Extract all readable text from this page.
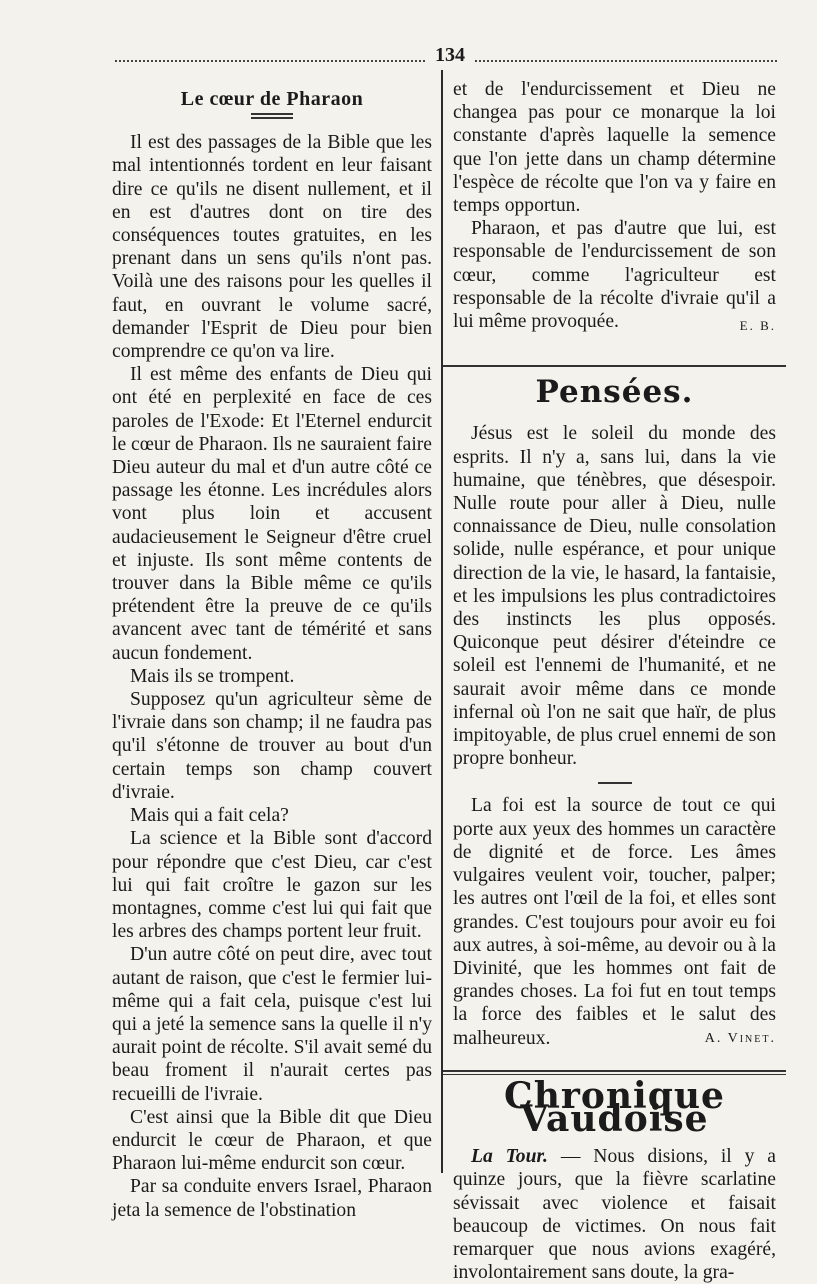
134
Le cœur de Pharaon

Il est des passages de la Bible que les mal intentionnés tordent en leur faisant dire ce qu'ils ne disent nullement, et il en est d'autres dont on tire des conséquences toutes gratuites, en les prenant dans un sens qu'ils n'ont pas. Voilà une des raisons pour les quelles il faut, en ouvrant le volume sacré, demander l'Esprit de Dieu pour bien comprendre ce qu'on va lire.

Il est même des enfants de Dieu qui ont été en perplexité en face de ces paroles de l'Exode: Et l'Eternel endurcit le cœur de Pharaon. Ils ne sauraient faire Dieu auteur du mal et d'un autre côté ce passage les étonne. Les incrédules alors vont plus loin et accusent audacieusement le Seigneur d'être cruel et injuste. Ils sont même contents de trouver dans la Bible même ce qu'ils prétendent être la preuve de ce qu'ils avancent avec tant de témérité et sans aucun fondement.

Mais ils se trompent.

Supposez qu'un agriculteur sème de l'ivraie dans son champ; il ne faudra pas qu'il s'étonne de trouver au bout d'un certain temps son champ couvert d'ivraie.

Mais qui a fait cela?

La science et la Bible sont d'accord pour répondre que c'est Dieu, car c'est lui qui fait croître le gazon sur les montagnes, comme c'est lui qui fait que les arbres des champs portent leur fruit.

D'un autre côté on peut dire, avec tout autant de raison, que c'est le fermier lui-même qui a fait cela, puisque c'est lui qui a jeté la semence sans la quelle il n'y aurait point de récolte. S'il avait semé du beau froment il n'aurait certes pas recueilli de l'ivraie.

C'est ainsi que la Bible dit que Dieu endurcit le cœur de Pharaon, et que Pharaon lui-même endurcit son cœur.

Par sa conduite envers Israel, Pharaon jeta la semence de l'obstination

et de l'endurcissement et Dieu ne changea pas pour ce monarque la loi constante d'après laquelle la semence que l'on jette dans un champ détermine l'espèce de récolte que l'on va y faire en temps opportun.

Pharaon, et pas d'autre que lui, est responsable de l'endurcissement de son cœur, comme l'agriculteur est responsable de la récolte d'ivraie qu'il a lui même provoquée.	E. B.

Pensées.

Jésus est le soleil du monde des esprits. Il n'y a, sans lui, dans la vie humaine, que ténèbres, que désespoir. Nulle route pour aller à Dieu, nulle connaissance de Dieu, nulle consolation solide, nulle espérance, et pour unique direction de la vie, le hasard, la fantaisie, et les impulsions les plus contradictoires des instincts les plus opposés. Quiconque peut désirer d'éteindre ce soleil est l'ennemi de l'humanité, et ne saurait avoir même dans ce monde infernal où l'on ne sait que haïr, de plus impitoyable, de plus cruel ennemi de son propre bonheur.

La foi est la source de tout ce qui porte aux yeux des hommes un caractère de dignité et de force. Les âmes vulgaires veulent voir, toucher, palper; les autres ont l'œil de la foi, et elles sont grandes. C'est toujours pour avoir eu foi aux autres, à soi-même, au devoir ou à la Divinité, que les hommes ont fait de grandes choses. La foi fut en tout temps la force des faibles et le salut des malheureux.	A. Vinet.

Chronique Vaudoise

La Tour. — Nous disions, il y a quinze jours, que la fièvre scarlatine sévissait avec violence et faisait beaucoup de victimes. On nous fait remarquer que nous avions exagéré, involontairement sans doute, la gra-
